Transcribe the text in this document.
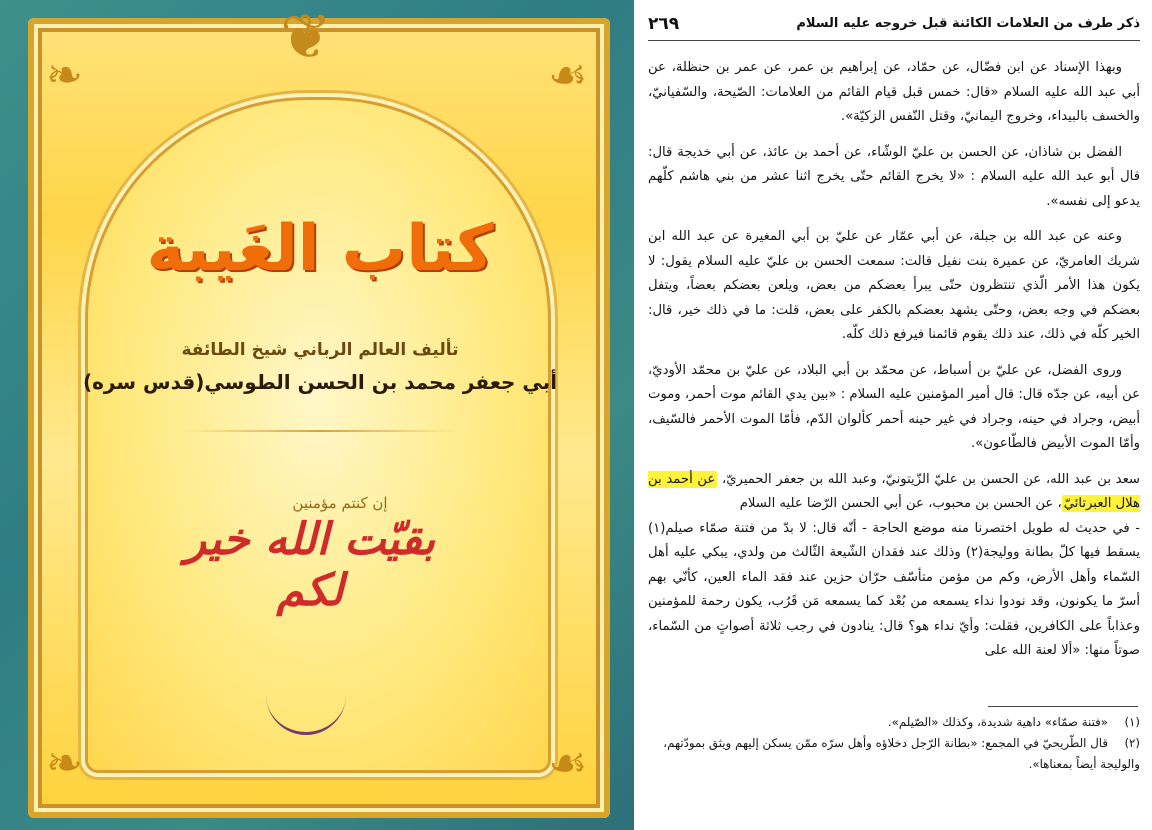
❦
❧	☙
❧	☙
كتاب الغَيبة
تأليف العالم الرباني شيخ الطائفة
أبي جعفر محمد بن الحسن الطوسي(قدس سره)
إن كنتم مؤمنين
بقيّت الله خير لكم
٢٦٩	ذكر طرف من العلامات الكائنة قبل خروجه عليه السلام

وبهذا الإسناد عن ابن فضّال، عن حمّاد، عن إبراهيم بن عمر، عن عمر بن حنظلة، عن أبي عبد الله عليه السلام «قال: خمس قبل قيام القائم من العلامات: الصّيحة، والسّفيانيّ، والخسف بالبيداء، وخروج اليمانيّ، وقتل النّفس الزكيّة».

الفضل بن شاذان، عن الحسن بن عليّ الوشّاء، عن أحمد بن عائذ، عن أبي خديجة قال: قال أبو عبد الله عليه السلام : «لا يخرج القائم حتّى يخرج اثنا عشر من بني هاشم كلّهم يدعو إلى نفسه».

وعنه عن عبد الله بن جبلة، عن أبي عمّار عن عليّ بن أبي المغيرة عن عبد الله ابن شريك العامريّ، عن عميرة بنت نفيل قالت: سمعت الحسن بن عليّ عليه السلام يقول: لا يكون هذا الأمر الّذي تنتظرون حتّى يبرأ بعضكم من بعض، ويلعن بعضكم بعضاً، ويتفل بعضكم في وجه بعض، وحتّى يشهد بعضكم بالكفر على بعض، قلت: ما في ذلك خير، قال: الخير كلّه في ذلك، عند ذلك يقوم قائمنا فيرفع ذلك كلّه.

وروى الفضل، عن عليّ بن أسباط، عن محمّد بن أبي البلاد، عن عليّ بن محمّد الأوديّ، عن أبيه، عن جدّه قال: قال أمير المؤمنين عليه السلام : «بين يدي القائم موت أحمر، وموت أبيض، وجراد في حينه، وجراد في غير حينه أحمر كألوان الدّم، فأمّا الموت الأحمر فالسّيف، وأمّا الموت الأبيض فالطّاعون».

سعد بن عبد الله، عن الحسن بن عليّ الزّيتونيّ، وعبد الله بن جعفر الحميريّ، عن أحمد بن هلال العبرتائيّ، عن الحسن بن محبوب، عن أبي الحسن الرّضا عليه السلام

- في حديث له طويل اختصرنا منه موضع الحاجة - أنّه قال: لا بدّ من فتنة صمّاء صيلم(١) يسقط فيها كلّ بطانة ووليجة(٢) وذلك عند فقدان الشّيعة الثّالث من ولدي، يبكي عليه أهل السّماء وأهل الأرض، وكم من مؤمن متأسّف حرّان حزين عند فقد الماء العين، كأنّي بهم أسرّ ما يكونون، وقد نودوا نداء يسمعه من بُعْد كما يسمعه مَن قَرُب، يكون رحمة للمؤمنين وعذاباً على الكافرين، فقلت: وأيّ نداء هو؟ قال: ينادون في رجب ثلاثة أصواتٍ من السّماء، صوتاً منها: «ألا لعنة الله على

(١)«فتنة صمّاء» داهية شديدة، وكذلك «الصّيلم».

(٢)قال الطّريحيّ في المجمع: «بطانة الرّجل دخلاؤه وأهل سرّه ممّن يسكن إليهم ويثق بمودّتهم، والوليجة أيضاً بمعناها».
